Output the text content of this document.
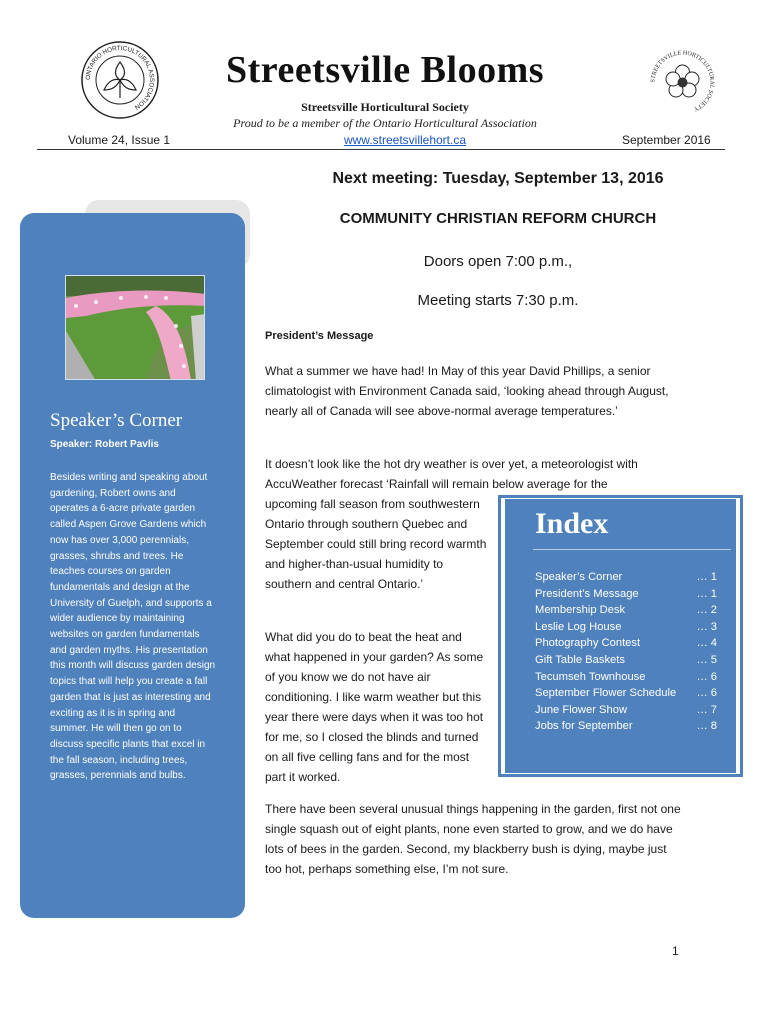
ONTARIO HORTICULTURAL ASSOCIATION
Streetsville Blooms	STREETSVILLE HORTICULTURAL SOCIETY
Streetsville Horticultural Society
Proud to be a member of the Ontario Horticultural Association
Volume 24, Issue 1	www.streetsvillehort.ca	September 2016
Next meeting: Tuesday, September 13, 2016
COMMUNITY CHRISTIAN REFORM CHURCH
Doors open 7:00 p.m.,
Meeting starts 7:30 p.m.
Speaker’s Corner
Speaker: Robert Pavlis
Besides writing and speaking about gardening, Robert owns and operates a 6-acre private garden called Aspen Grove Gardens which now has over 3,000 perennials, grasses, shrubs and trees. He teaches courses on garden fundamentals and design at the University of Guelph, and supports a wider audience by maintaining websites on garden fundamentals and garden myths. His presentation this month will discuss garden design topics that will help you create a fall garden that is just as interesting and exciting as it is in spring and summer. He will then go on to discuss specific plants that excel in the fall season, including trees, grasses, perennials and bulbs.
President’s Message
What a summer we have had! In May of this year David Phillips, a senior climatologist with Environment Canada said, ‘looking ahead through August, nearly all of Canada will see above-normal average temperatures.’
It doesn’t look like the hot dry weather is over yet, a meteorologist with AccuWeather forecast ‘Rainfall will remain below average for the
upcoming fall season from southwestern Ontario through southern Quebec and September could still bring record warmth and higher-than-usual humidity to southern and central Ontario.’
What did you do to beat the heat and what happened in your garden? As some of you know we do not have air conditioning. I like warm weather but this year there were days when it was too hot for me, so I closed the blinds and turned on all five celling fans and for the most part it worked.
There have been several unusual things happening in the garden, first not one single squash out of eight plants, none even started to grow, and we do have lots of bees in the garden. Second, my blackberry bush is dying, maybe just too hot, perhaps something else, I’m not sure.
Index
Speaker’s Corner	… 1
President’s Message	… 1
Membership Desk	… 2
Leslie Log House	… 3
Photography Contest	… 4
Gift Table Baskets	… 5
Tecumseh Townhouse	… 6
September Flower Schedule … 6
June Flower Show	… 7
Jobs for September	… 8
1
